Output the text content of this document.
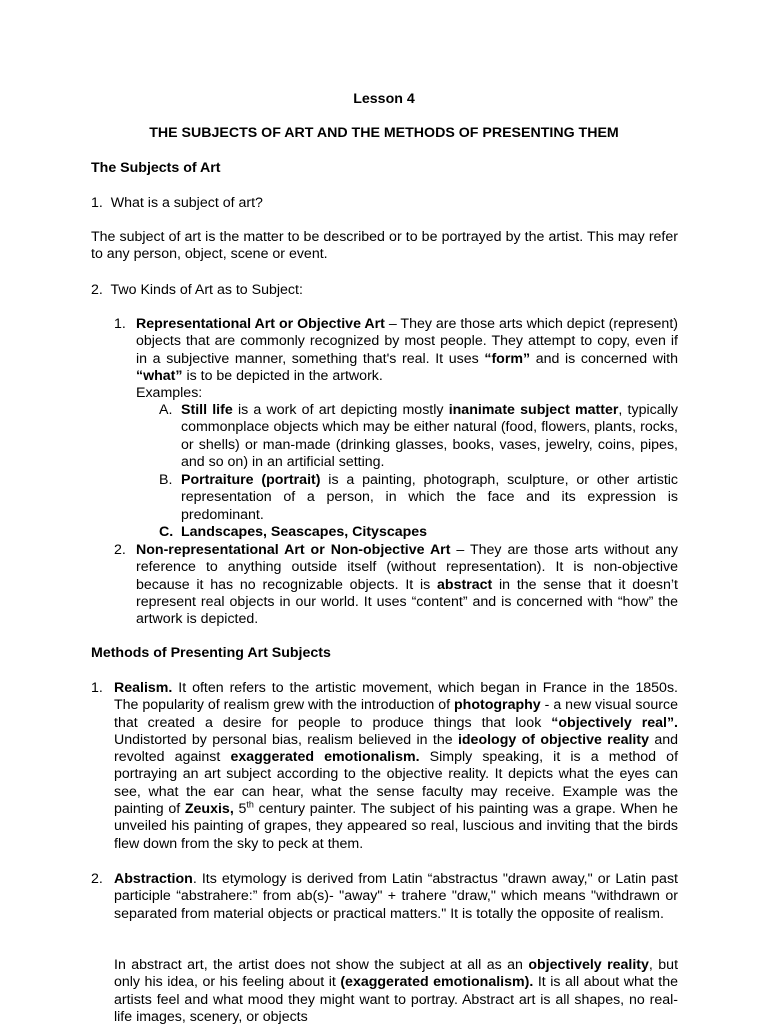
Lesson 4
THE SUBJECTS OF ART AND THE METHODS OF PRESENTING THEM
The Subjects of Art
1. What is a subject of art?

The subject of art is the matter to be described or to be portrayed by the artist. This may refer to any person, object, scene or event.

2. Two Kinds of Art as to Subject:
1. Representational Art or Objective Art – They are those arts which depict (represent) objects that are commonly recognized by most people. They attempt to copy, even if in a subjective manner, something that's real. It uses “form” and is concerned with “what” is to be depicted in the artwork.

Examples:
A. Still life is a work of art depicting mostly inanimate subject matter, typically commonplace objects which may be either natural (food, flowers, plants, rocks, or shells) or man-made (drinking glasses, books, vases, jewelry, coins, pipes, and so on) in an artificial setting.

B. Portraiture (portrait) is a painting, photograph, sculpture, or other artistic representation of a person, in which the face and its expression is predominant.

C. Landscapes, Seascapes, Cityscapes
2. Non-representational Art or Non-objective Art – They are those arts without any reference to anything outside itself (without representation). It is non-objective because it has no recognizable objects. It is abstract in the sense that it doesn’t represent real objects in our world. It uses “content” and is concerned with “how” the artwork is depicted.

Methods of Presenting Art Subjects
1. Realism. It often refers to the artistic movement, which began in France in the 1850s. The popularity of realism grew with the introduction of photography - a new visual source that created a desire for people to produce things that look “objectively real”. Undistorted by personal bias, realism believed in the ideology of objective reality and revolted against exaggerated emotionalism. Simply speaking, it is a method of portraying an art subject according to the objective reality. It depicts what the eyes can see, what the ear can hear, what the sense faculty may receive. Example was the painting of Zeuxis, 5th century painter. The subject of his painting was a grape. When he unveiled his painting of grapes, they appeared so real, luscious and inviting that the birds flew down from the sky to peck at them.

2. Abstraction. Its etymology is derived from Latin “abstractus "drawn away," or Latin past participle “abstrahere:” from ab(s)- "away" + trahere "draw," which means "withdrawn or separated from material objects or practical matters." It is totally the opposite of realism.

In abstract art, the artist does not show the subject at all as an objectively reality, but only his idea, or his feeling about it (exaggerated emotionalism). It is all about what the artists feel and what mood they might want to portray. Abstract art is all shapes, no real-life images, scenery, or objects
